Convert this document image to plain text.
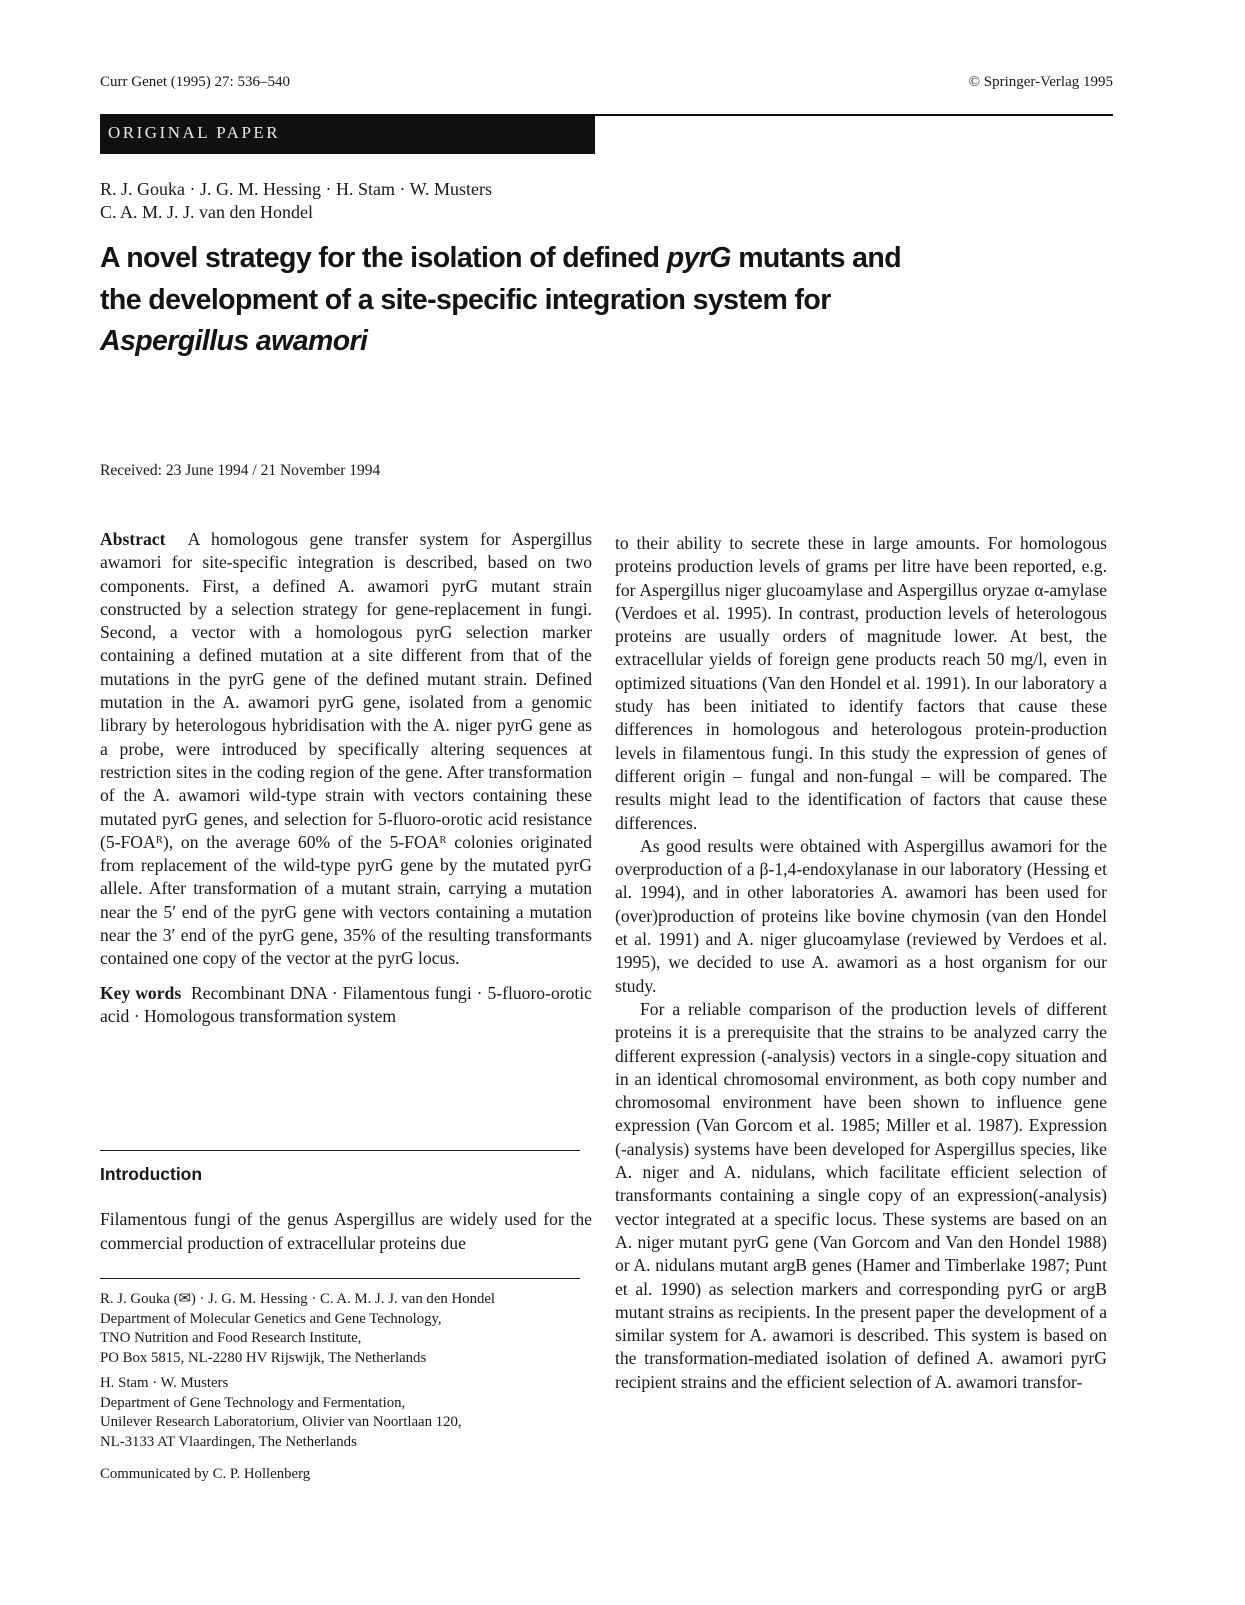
Curr Genet (1995) 27: 536–540	© Springer-Verlag 1995
ORIGINAL PAPER
R. J. Gouka · J. G. M. Hessing · H. Stam · W. Musters
C. A. M. J. J. van den Hondel
A novel strategy for the isolation of defined pyrG mutants and the development of a site-specific integration system for Aspergillus awamori
Received: 23 June 1994 / 21 November 1994

Abstract A homologous gene transfer system for Aspergillus awamori for site-specific integration is described, based on two components. First, a defined A. awamori pyrG mutant strain constructed by a selection strategy for gene-replacement in fungi. Second, a vector with a homologous pyrG selection marker containing a defined mutation at a site different from that of the mutations in the pyrG gene of the defined mutant strain. Defined mutation in the A. awamori pyrG gene, isolated from a genomic library by heterologous hybridisation with the A. niger pyrG gene as a probe, were introduced by specifically altering sequences at restriction sites in the coding region of the gene. After transformation of the A. awamori wild-type strain with vectors containing these mutated pyrG genes, and selection for 5-fluoro-orotic acid resistance (5-FOAᴿ), on the average 60% of the 5-FOAᴿ colonies originated from replacement of the wild-type pyrG gene by the mutated pyrG allele. After transformation of a mutant strain, carrying a mutation near the 5′ end of the pyrG gene with vectors containing a mutation near the 3′ end of the pyrG gene, 35% of the resulting transformants contained one copy of the vector at the pyrG locus.

Key words Recombinant DNA · Filamentous fungi · 5-fluoro-orotic acid · Homologous transformation system

Introduction
Filamentous fungi of the genus Aspergillus are widely used for the commercial production of extracellular proteins due
R. J. Gouka (✉) · J. G. M. Hessing · C. A. M. J. J. van den Hondel
Department of Molecular Genetics and Gene Technology,
TNO Nutrition and Food Research Institute,
PO Box 5815, NL-2280 HV Rijswijk, The Netherlands
H. Stam · W. Musters
Department of Gene Technology and Fermentation,
Unilever Research Laboratorium, Olivier van Noortlaan 120,
NL-3133 AT Vlaardingen, The Netherlands
Communicated by C. P. Hollenberg

to their ability to secrete these in large amounts. For homologous proteins production levels of grams per litre have been reported, e.g. for Aspergillus niger glucoamylase and Aspergillus oryzae α-amylase (Verdoes et al. 1995). In contrast, production levels of heterologous proteins are usually orders of magnitude lower. At best, the extracellular yields of foreign gene products reach 50 mg/l, even in optimized situations (Van den Hondel et al. 1991). In our laboratory a study has been initiated to identify factors that cause these differences in homologous and heterologous protein-production levels in filamentous fungi. In this study the expression of genes of different origin – fungal and non-fungal – will be compared. The results might lead to the identification of factors that cause these differences.

As good results were obtained with Aspergillus awamori for the overproduction of a β-1,4-endoxylanase in our laboratory (Hessing et al. 1994), and in other laboratories A. awamori has been used for (over)production of proteins like bovine chymosin (van den Hondel et al. 1991) and A. niger glucoamylase (reviewed by Verdoes et al. 1995), we decided to use A. awamori as a host organism for our study.

For a reliable comparison of the production levels of different proteins it is a prerequisite that the strains to be analyzed carry the different expression (-analysis) vectors in a single-copy situation and in an identical chromosomal environment, as both copy number and chromosomal environment have been shown to influence gene expression (Van Gorcom et al. 1985; Miller et al. 1987). Expression (-analysis) systems have been developed for Aspergillus species, like A. niger and A. nidulans, which facilitate efficient selection of transformants containing a single copy of an expression(-analysis) vector integrated at a specific locus. These systems are based on an A. niger mutant pyrG gene (Van Gorcom and Van den Hondel 1988) or A. nidulans mutant argB genes (Hamer and Timberlake 1987; Punt et al. 1990) as selection markers and corresponding pyrG or argB mutant strains as recipients. In the present paper the development of a similar system for A. awamori is described. This system is based on the transformation-mediated isolation of defined A. awamori pyrG recipient strains and the efficient selection of A. awamori transfor-
